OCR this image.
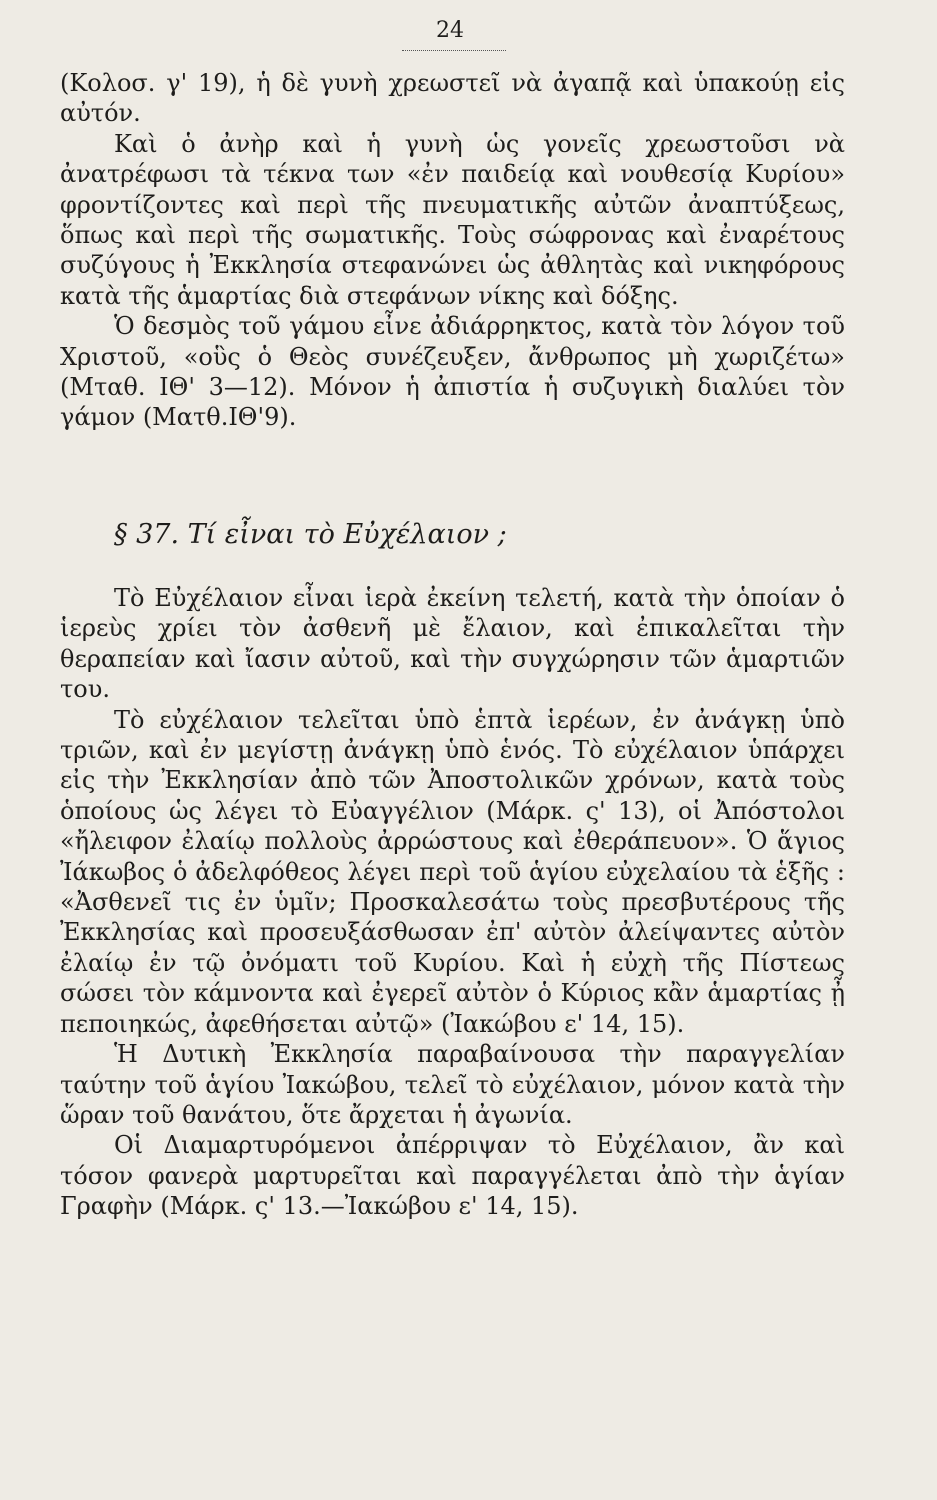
24

(Κολοσ. γ' 19), ἡ δὲ γυνὴ χρεωστεῖ νὰ ἀγαπᾷ καὶ ὑπακούῃ εἰς αὐτόν.

Καὶ ὁ ἀνὴρ καὶ ἡ γυνὴ ὡς γονεῖς χρεωστοῦσι νὰ ἀνατρέφωσι τὰ τέκνα των «ἐν παιδείᾳ καὶ νουθεσίᾳ Κυρίου» φροντίζοντες καὶ περὶ τῆς πνευματικῆς αὐτῶν ἀναπτύξεως, ὅπως καὶ περὶ τῆς σωματικῆς. Τοὺς σώφρονας καὶ ἐναρέτους συζύγους ἡ Ἐκκλησία στεφανώνει ὡς ἀθλητὰς καὶ νικηφόρους κατὰ τῆς ἁμαρτίας διὰ στεφάνων νίκης καὶ δόξης.

Ὁ δεσμὸς τοῦ γάμου εἶνε ἀδιάρρηκτος, κατὰ τὸν λόγον τοῦ Χριστοῦ, «οὓς ὁ Θεὸς συνέζευξεν, ἄνθρωπος μὴ χωριζέτω» (Μταθ. ΙΘ' 3—12). Μόνον ἡ ἀπιστία ἡ συζυγικὴ διαλύει τὸν γάμον (Ματθ.ΙΘ'9).

§ 37. Τί εἶναι τὸ Εὐχέλαιον ;

Τὸ Εὐχέλαιον εἶναι ἱερὰ ἐκείνη τελετή, κατὰ τὴν ὁποίαν ὁ ἱερεὺς χρίει τὸν ἀσθενῆ μὲ ἔλαιον, καὶ ἐπικαλεῖται τὴν θεραπείαν καὶ ἴασιν αὐτοῦ, καὶ τὴν συγχώρησιν τῶν ἁμαρτιῶν του.

Τὸ εὐχέλαιον τελεῖται ὑπὸ ἑπτὰ ἱερέων, ἐν ἀνάγκῃ ὑπὸ τριῶν, καὶ ἐν μεγίστῃ ἀνάγκῃ ὑπὸ ἑνός. Τὸ εὐχέλαιον ὑπάρχει εἰς τὴν Ἐκκλησίαν ἀπὸ τῶν Ἀποστολικῶν χρόνων, κατὰ τοὺς ὁποίους ὡς λέγει τὸ Εὐαγγέλιον (Μάρκ. ς' 13), οἱ Ἀπόστολοι «ἤλειφον ἐλαίῳ πολλοὺς ἀρρώστους καὶ ἐθεράπευον». Ὁ ἅγιος Ἰάκωβος ὁ ἀδελφόθεος λέγει περὶ τοῦ ἁγίου εὐχελαίου τὰ ἑξῆς : «Ἀσθενεῖ τις ἐν ὑμῖν; Προσκαλεσάτω τοὺς πρεσβυτέρους τῆς Ἐκκλησίας καὶ προσευξάσθωσαν ἐπ' αὐτὸν ἀλείψαντες αὐτὸν ἐλαίῳ ἐν τῷ ὀνόματι τοῦ Κυρίου. Καὶ ἡ εὐχὴ τῆς Πίστεως σώσει τὸν κάμνοντα καὶ ἐγερεῖ αὐτὸν ὁ Κύριος κἂν ἁμαρτίας ᾖ πεποιηκώς, ἀφεθήσεται αὐτῷ» (Ἰακώβου ε' 14, 15).

Ἡ Δυτικὴ Ἐκκλησία παραβαίνουσα τὴν παραγγελίαν ταύτην τοῦ ἁγίου Ἰακώβου, τελεῖ τὸ εὐχέλαιον, μόνον κατὰ τὴν ὥραν τοῦ θανάτου, ὅτε ἄρχεται ἡ ἀγωνία.

Οἱ Διαμαρτυρόμενοι ἀπέρριψαν τὸ Εὐχέλαιον, ἂν καὶ τόσον φανερὰ μαρτυρεῖται καὶ παραγγέλεται ἀπὸ τὴν ἁγίαν Γραφὴν (Μάρκ. ς' 13.—Ἰακώβου ε' 14, 15).
